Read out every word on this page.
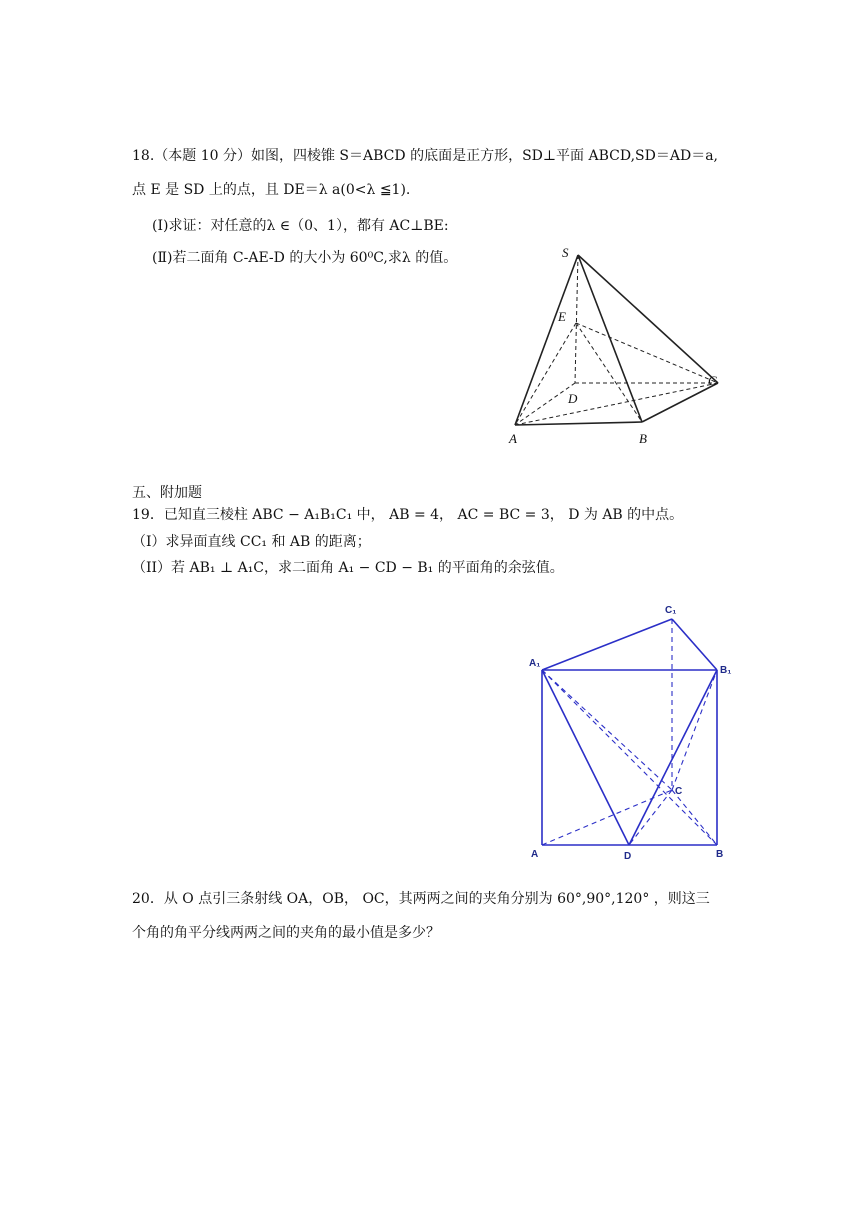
18.（本题 10 分）如图，四棱锥 S＝ABCD 的底面是正方形，SD⊥平面 ABCD,SD＝AD＝a,
点 E 是 SD 上的点，且 DE＝λ a(0<λ ≦1).
(Ⅰ)求证：对任意的λ ∈（0、1），都有 AC⊥BE:
(Ⅱ)若二面角 C-AE-D 的大小为 60⁰C,求λ 的值。	S
E
D
C
A	B
五、附加题
19．已知直三棱柱 ABC − A₁B₁C₁ 中， AB = 4， AC = BC = 3， D 为 AB 的中点。
（I）求异面直线 CC₁ 和 AB 的距离；
（II）若 AB₁ ⊥ A₁C，求二面角 A₁ − CD − B₁ 的平面角的余弦值。
C₁
A₁
B₁
C
A	D	B
20．从 O 点引三条射线 OA，OB， OC，其两两之间的夹角分别为 60°,90°,120° ，则这三
个角的角平分线两两之间的夹角的最小值是多少？
